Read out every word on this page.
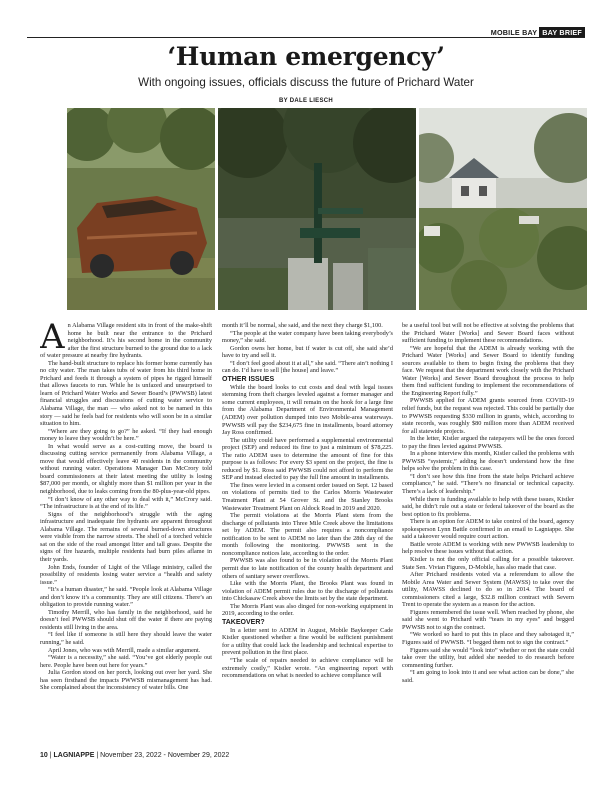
MOBILE BAY BAY BRIEF
‘Human emergency’
With ongoing issues, officials discuss the future of Prichard Water
BY DALE LIESCH

An Alabama Village resident sits in front of the make-shift home he built near the entrance to the Prichard neighborhood. It’s his second home in the community after the first structure burned to the ground due to a lack of water pressure at nearby fire hydrants.

The hand-built structure to replace his former home currently has no city water. The man takes tubs of water from his third home in Prichard and feeds it through a system of pipes he rigged himself that allows faucets to run. While he is unfazed and unsurprised to learn of Prichard Water Works and Sewer Board’s (PWWSB) latest financial struggles and discussions of cutting water service to Alabama Village, the man — who asked not to be named in this story — said he feels bad for residents who will soon be in a similar situation to him.

“Where are they going to go?” he asked. “If they had enough money to leave they wouldn’t be here.”

In what would serve as a cost-cutting move, the board is discussing cutting service permanently from Alabama Village, a move that would effectively leave 40 residents in the community without running water. Operations Manager Dan McCrory told board commissioners at their latest meeting the utility is losing $87,000 per month, or slightly more than $1 million per year in the neighborhood, due to leaks coming from the 80-plus-year-old pipes.

“I don’t know of any other way to deal with it,” McCrory said. “The infrastructure is at the end of its life.”

Signs of the neighborhood’s struggle with the aging infrastructure and inadequate fire hydrants are apparent throughout Alabama Village. The remains of several burned-down structures were visible from the narrow streets. The shell of a torched vehicle sat on the side of the road amongst litter and tall grass. Despite the signs of fire hazards, multiple residents had burn piles aflame in their yards.

John Ends, founder of Light of the Village ministry, called the possibility of residents losing water service a “health and safety issue.”

“It’s a human disaster,” he said. “People look at Alabama Village and don’t know it’s a community. They are still citizens. There’s an obligation to provide running water.”

Timothy Merrill, who has family in the neighborhood, said he doesn’t feel PWWSB should shut off the water if there are paying residents still living in the area.

“I feel like if someone is still here they should leave the water running,” he said.

April Jones, who was with Merrill, made a similar argument.

“Water is a necessity,” she said. “You’ve got elderly people out here. People have been out here for years.”

Julia Gordon stood on her porch, looking out over her yard. She has seen firsthand the impacts PWWSB mismanagement has had. She complained about the inconsistency of water bills. One

month it’ll be normal, she said, and the next they charge $1,100.

“The people at the water company have been taking everybody’s money,” she said.

Gordon owns her home, but if water is cut off, she said she’d have to try and sell it.

“I don’t feel good about it at all,” she said. “There ain’t nothing I can do. I’d have to sell [the house] and leave.”

OTHER ISSUES

While the board looks to cut costs and deal with legal issues stemming from theft charges leveled against a former manager and some current employees, it will remain on the hook for a large fine from the Alabama Department of Environmental Management (ADEM) over pollution dumped into two Mobile-area waterways. PWWSB will pay the $234,675 fine in installments, board attorney Jay Ross confirmed.

The utility could have performed a supplemental environmental project (SEP) and reduced its fine to just a minimum of $78,225. The ratio ADEM uses to determine the amount of fine for this purpose is as follows: For every $3 spent on the project, the fine is reduced by $1. Ross said PWWSB could not afford to perform the SEP and instead elected to pay the full fine amount in installments.

The fines were levied in a consent order issued on Sept. 12 based on violations of permits tied to the Carlos Morris Wastewater Treatment Plant at 54 Grover St. and the Stanley Brooks Wastewater Treatment Plant on Aldock Road in 2019 and 2020.

The permit violations at the Morris Plant stem from the discharge of pollutants into Three Mile Creek above the limitations set by ADEM. The permit also requires a noncompliance notification to be sent to ADEM no later than the 28th day of the month following the monitoring. PWWSB sent in the noncompliance notices late, according to the order.

PWWSB was also found to be in violation of the Morris Plant permit due to late notification of the county health department and others of sanitary sewer overflows.

Like with the Morris Plant, the Brooks Plant was found in violation of ADEM permit rules due to the discharge of pollutants into Chickasaw Creek above the limits set by the state department.

The Morris Plant was also dinged for non-working equipment in 2019, according to the order.

TAKEOVER?

In a letter sent to ADEM in August, Mobile Baykeeper Cade Kistler questioned whether a fine would be sufficient punishment for a utility that could lack the leadership and technical expertise to prevent pollution in the first place.

“The scale of repairs needed to achieve compliance will be extremely costly,” Kistler wrote. “An engineering report with recommendations on what is needed to achieve compliance will

be a useful tool but will not be effective at solving the problems that the Prichard Water [Works] and Sewer Board faces without sufficient funding to implement these recommendations.

“We are hopeful that the ADEM is already working with the Prichard Water [Works] and Sewer Board to identify funding sources available to them to begin fixing the problems that they face. We request that the department work closely with the Prichard Water [Works] and Sewer Board throughout the process to help them find sufficient funding to implement the recommendations of the Engineering Report fully.”

PWWSB applied for ADEM grants sourced from COVID-19 relief funds, but the request was rejected. This could be partially due to PWWSB requesting $330 million in grants, which, according to state records, was roughly $80 million more than ADEM received for all statewide projects.

In the letter, Kistler argued the ratepayers will be the ones forced to pay the fines levied against PWWSB.

In a phone interview this month, Kistler called the problems with PWWSB “systemic,” adding he doesn’t understand how the fine helps solve the problem in this case.

“I don’t see how this fine from the state helps Prichard achieve compliance,” he said. “There’s no financial or technical capacity. There’s a lack of leadership.”

While there is funding available to help with these issues, Kistler said, he didn’t rule out a state or federal takeover of the board as the best option to fix problems.

There is an option for ADEM to take control of the board, agency spokesperson Lynn Battle confirmed in an email to Lagniappe. She said a takeover would require court action.

Battle wrote ADEM is working with new PWWSB leadership to help resolve these issues without that action.

Kistler is not the only official calling for a possible takeover. State Sen. Vivian Figures, D-Mobile, has also made that case.

After Prichard residents voted via a referendum to allow the Mobile Area Water and Sewer System (MAWSS) to take over the utility, MAWSS declined to do so in 2014. The board of commissioners cited a large, $32.8 million contract with Severn Trent to operate the system as a reason for the action.

Figures remembered the issue well. When reached by phone, she said she went to Prichard with “tears in my eyes” and begged PWWSB not to sign the contract.

“We worked so hard to put this in place and they sabotaged it,” Figures said of PWWSB. “I begged them not to sign the contract.”

Figures said she would “look into” whether or not the state could take over the utility, but added she needed to do research before commenting further.

“I am going to look into it and see what action can be done,” she said.

10 | LAGNIAPPE | November 23, 2022 - November 29, 2022
